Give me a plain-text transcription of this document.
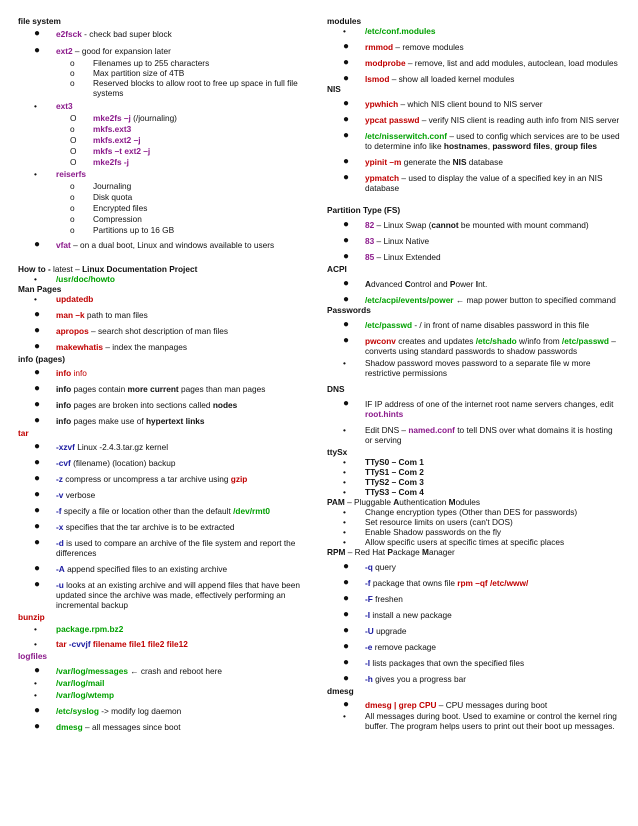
file system
●	e2fsck - check bad super block
●	ext2 – good for expansion later
o	Filenames up to 255 characters
o	Max partition size of 4TB
o	Reserved blocks to allow root to free up space in full file systems
•	ext3
O	mke2fs –j (/journaling)
o	mkfs.ext3
O	mkfs.ext2 –j
O	mkfs –t ext2 –j
O	mke2fs -j
•	reiserfs
o	Journaling
o	Disk quota
o	Encrypted files
o	Compression
o	Partitions up to 16 GB
●	vfat – on a dual boot, Linux and windows available to users
How to - latest – Linux Documentation Project
•	/usr/doc/howto
Man Pages
•	updatedb
●	man –k path to man files
●	apropos – search shot description of man files
●	makewhatis – index the manpages
info (pages)
●	info info
●	info pages contain more current pages than man pages
●	info pages are broken into sections called nodes
●	info pages make use of hypertext links
tar
●	-xzvf Linux -2.4.3.tar.gz kernel
●	-cvf (filename) (location) backup
●	-z compress or uncompress a tar archive using gzip
●	-v verbose
●	-f specify a file or location other than the default /dev/rmt0
●	-x specifies that the tar archive is to be extracted
●	-d is used to compare an archive of the file system and report the differences
●	-A append specified files to an existing archive
●	-u looks at an existing archive and will append files that have been updated since the archive was made, effectively performing an incremental backup
bunzip
•	package.rpm.bz2
•	tar -cvvjf filename file1 file2 file12
logfiles
●	/var/log/messages ← crash and reboot here
•	/var/log/mail
•	/var/log/wtemp
●	/etc/syslog -> modify log daemon
●	dmesg – all messages since boot
modules
•	/etc/conf.modules
●	rmmod – remove modules
●	modprobe – remove, list and add modules, autoclean, load modules
●	lsmod – show all loaded kernel modules
NIS
●	ypwhich – which NIS client bound to NIS server
●	ypcat passwd – verify NIS client is reading auth info from NIS server
●	/etc/nisserwitch.conf – used to config which services are to be used to determine info like hostnames, password files, group files
●	ypinit –m generate the NIS database
●	ypmatch – used to display the value of a specified key in an NIS database
Partition Type (FS)
●	82 – Linux Swap (cannot be mounted with mount command)
●	83 – Linux Native
●	85 – Linux Extended
ACPI
●	Advanced Control and Power Int.
●	/etc/acpi/events/power ← map power button to specified command
Passwords
●	/etc/passwd - / in front of name disables password in this file
●	pwconv creates and updates /etc/shado w/info from /etc/passwd – converts using standard passwords to shadow passwords
•	Shadow password moves password to a separate file w more restrictive permissions
DNS
●	IF IP address of one of the internet root name servers changes, edit root.hints
•	Edit DNS – named.conf to tell DNS over what domains it is hosting or serving
ttySx
•	TTyS0 – Com 1
•	TTyS1 – Com 2
•	TTyS2 – Com 3
•	TTyS3 – Com 4
PAM – Pluggable Authentication Modules
•	Change encryption types (Other than DES for passwords)
•	Set resource limits on users (can't DOS)
•	Enable Shadow passwords on the fly
•	Allow specific users at specific times at specific places
RPM – Red Hat Package Manager
●	-q query
●	-f package that owns file rpm –qf /etc/www/
●	-F freshen
●	-I install a new package
●	-U upgrade
●	-e remove package
●	-l lists packages that own the specified files
●	-h gives you a progress bar
dmesg
●	dmesg | grep CPU – CPU messages during boot
•	All messages during boot. Used to examine or control the kernel ring buffer. The program helps users to print out their boot up messages.
